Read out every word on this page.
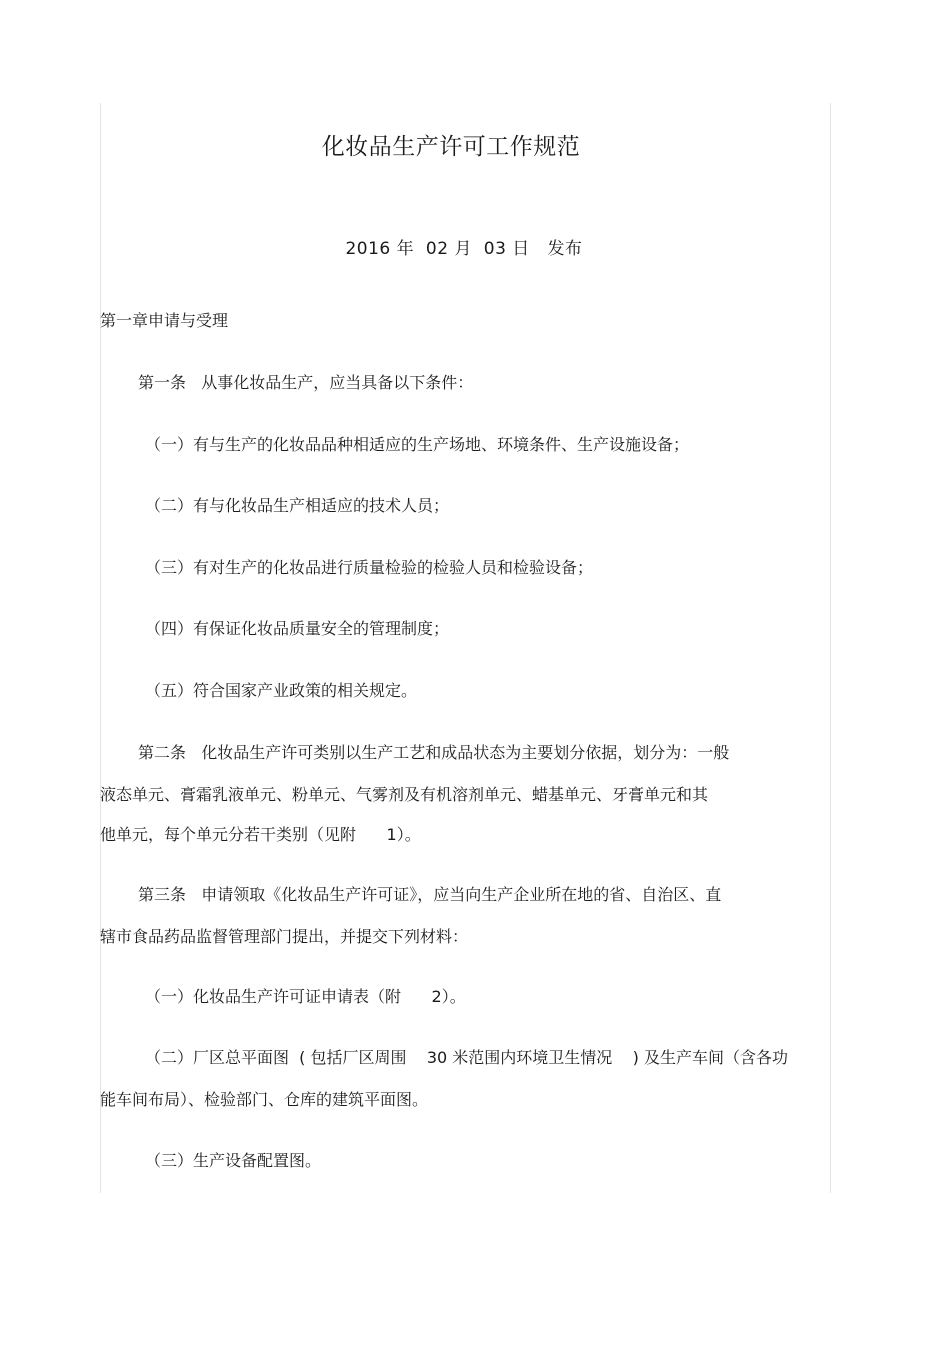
化妆品生产许可工作规范
2016 年  02 月  03 日   发布
第一章申请与受理
第一条   从事化妆品生产，应当具备以下条件：
（一）有与生产的化妆品品种相适应的生产场地、环境条件、生产设施设备；
（二）有与化妆品生产相适应的技术人员；
（三）有对生产的化妆品进行质量检验的检验人员和检验设备；
（四）有保证化妆品质量安全的管理制度；
（五）符合国家产业政策的相关规定。
第二条   化妆品生产许可类别以生产工艺和成品状态为主要划分依据，划分为：一般
液态单元、膏霜乳液单元、粉单元、气雾剂及有机溶剂单元、蜡基单元、牙膏单元和其
他单元，每个单元分若干类别（见附      1）。
第三条   申请领取《化妆品生产许可证》，应当向生产企业所在地的省、自治区、直
辖市食品药品监督管理部门提出，并提交下列材料：
（一）化妆品生产许可证申请表（附      2）。
（二）厂区总平面图  ( 包括厂区周围    30 米范围内环境卫生情况    ) 及生产车间（含各功
能车间布局）、检验部门、仓库的建筑平面图。
（三）生产设备配置图。
